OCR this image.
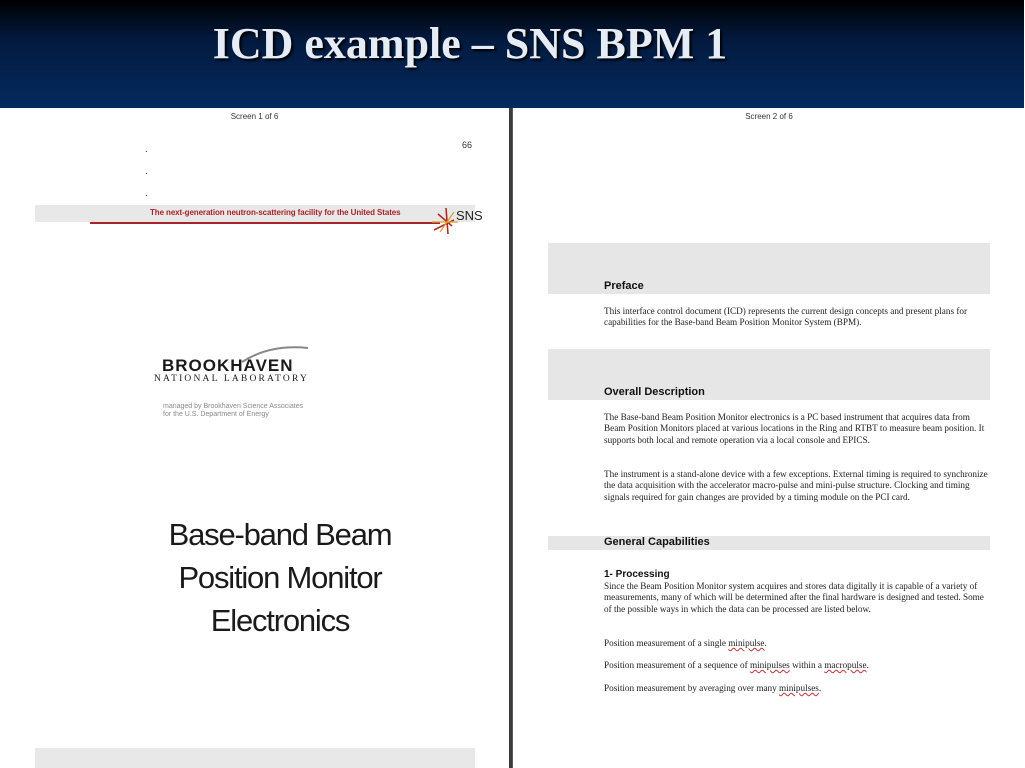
ICD example – SNS BPM 1
Screen 1 of 6
66
.
.
.
The next-generation neutron-scattering facility for the United States	SNS
BROOKHAVEN
NATIONAL LABORATORY
managed by Brookhaven Science Associates
for the U.S. Department of Energy
Base-band Beam
Position Monitor
Electronics
Screen 2 of 6
Preface
This interface control document (ICD) represents the current design concepts and present plans for capabilities for the Base-band Beam Position Monitor System (BPM).
Overall Description
The Base-band Beam Position Monitor electronics is a PC based instrument that acquires data from Beam Position Monitors placed at various locations in the Ring and RTBT to measure beam position. It supports both local and remote operation via a local console and EPICS.
The instrument is a stand-alone device with a few exceptions. External timing is required to synchronize the data acquisition with the accelerator macro-pulse and mini-pulse structure. Clocking and timing signals required for gain changes are provided by a timing module on the PCI card.
General Capabilities
1- Processing
Since the Beam Position Monitor system acquires and stores data digitally it is capable of a variety of measurements, many of which will be determined after the final hardware is designed and tested. Some of the possible ways in which the data can be processed are listed below.
Position measurement of a single minipulse.
Position measurement of a sequence of minipulses within a macropulse.
Position measurement by averaging over many minipulses.
